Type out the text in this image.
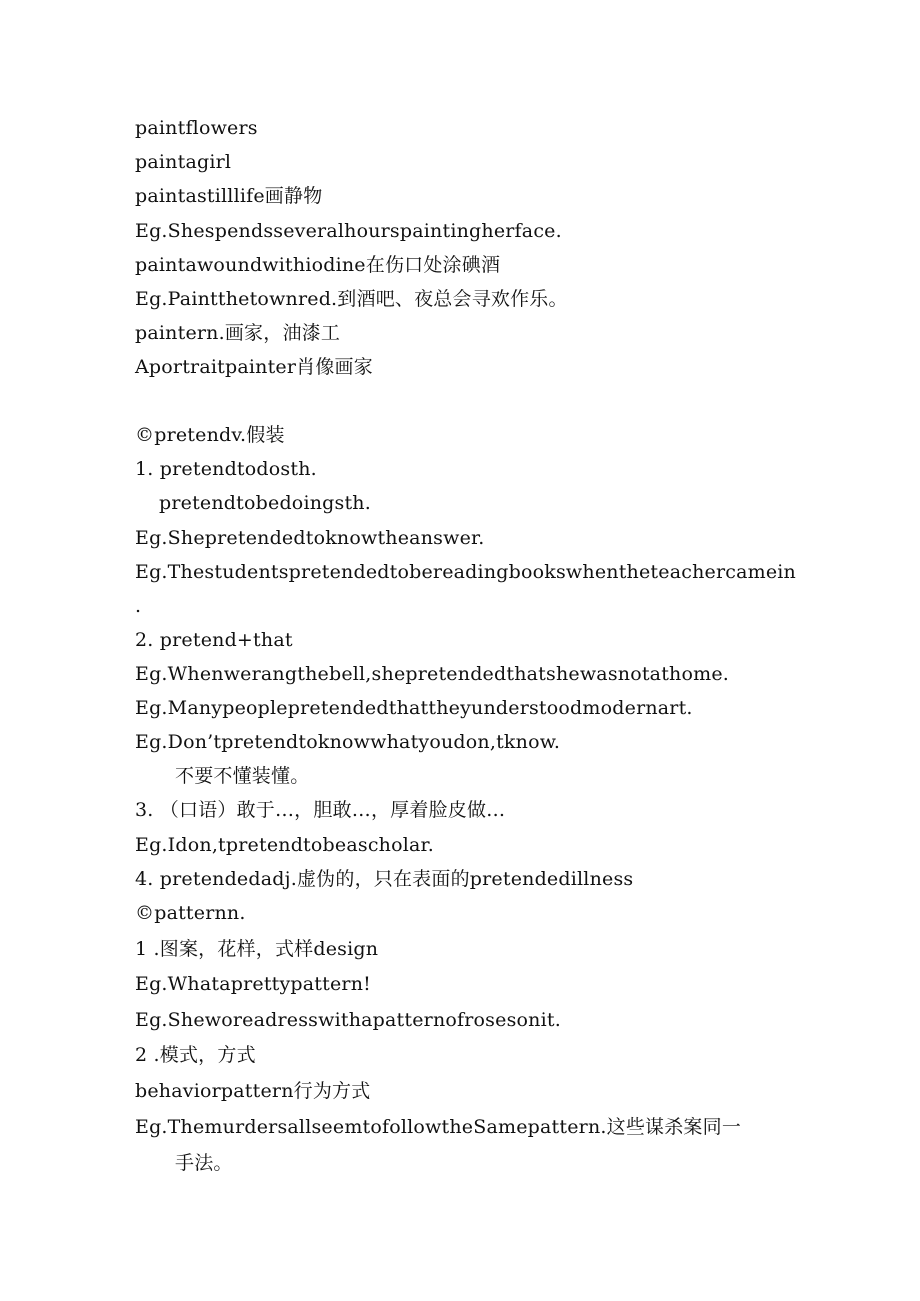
paintflowers
paintagirl
paintastilllife画静物
Eg.Shespendsseveralhourspaintingherface.
paintawoundwithiodine在伤口处涂碘酒
Eg.Paintthetownred.到酒吧、夜总会寻欢作乐。
paintern.画家，油漆工
Aportraitpainter肖像画家
©pretendv.假装
1. pretendtodosth.
pretendtobedoingsth.
Eg.Shepretendedtoknowtheanswer.
Eg.Thestudentspretendedtobereadingbookswhentheteachercamein
.
2. pretend+that
Eg.Whenwerangthebell,shepretendedthatshewasnotathome.
Eg.Manypeoplepretendedthattheyunderstoodmodernart.
Eg.Don’tpretendtoknowwhatyoudon,tknow.
不要不懂装懂。
3. （口语）敢于…，胆敢…，厚着脸皮做…
Eg.Idon,tpretendtobeascholar.
4. pretendedadj.虚伪的，只在表面的pretendedillness
©patternn.
1 .图案，花样，式样design
Eg.Whataprettypattern!
Eg.Sheworeadresswithapatternofrosesonit.
2 .模式，方式
behaviorpattern行为方式
Eg.ThemurdersallseemtofollowtheSamepattern.这些谋杀案同一
手法。
